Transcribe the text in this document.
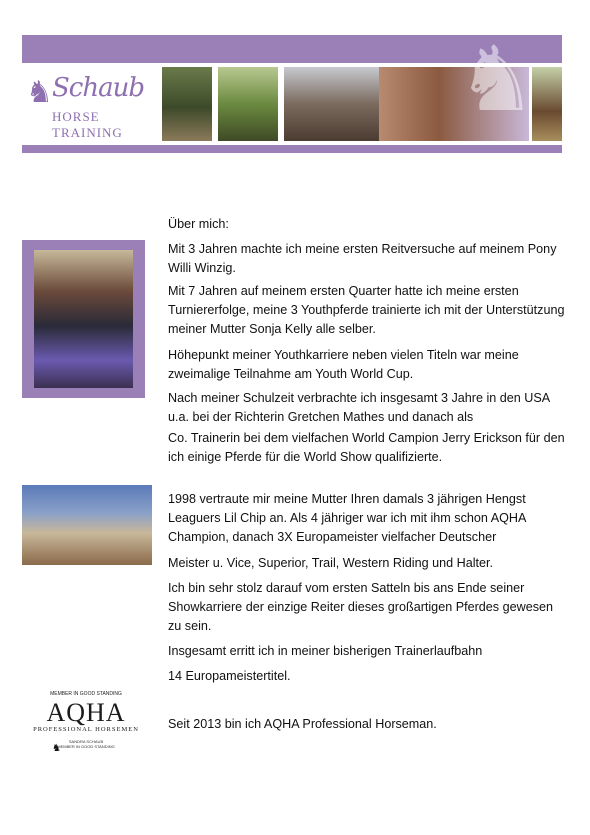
♞ Schaub
HORSE TRAINING
♞
MEMBER IN GOOD STANDING
AQHA
PROFESSIONAL HORSEMEN
SANDRA SCHAUB
MEMBER IN GOOD STANDING
♞
Über mich:
Mit 3 Jahren machte ich meine ersten Reitversuche auf meinem Pony Willi Winzig.
Mit 7 Jahren auf meinem ersten Quarter hatte ich meine ersten Turniererfolge, meine 3 Youthpferde trainierte ich mit der Unterstützung meiner Mutter Sonja Kelly alle selber.
Höhepunkt meiner Youthkarriere neben vielen Titeln war meine zweimalige Teilnahme am Youth World Cup.
Nach meiner Schulzeit verbrachte ich insgesamt 3 Jahre in den USA u.a. bei der Richterin Gretchen Mathes und danach als
Co. Trainerin bei dem vielfachen World Campion Jerry Erickson für den ich einige Pferde für die World Show qualifizierte.
1998 vertraute mir meine Mutter Ihren damals 3 jährigen Hengst Leaguers Lil Chip an. Als 4 jähriger war ich mit ihm schon AQHA Champion, danach 3X Europameister vielfacher Deutscher
Meister u. Vice, Superior, Trail, Western Riding und Halter.
Ich bin sehr stolz darauf vom ersten Satteln bis ans Ende seiner Showkarriere der einzige Reiter dieses großartigen Pferdes gewesen zu sein.
Insgesamt erritt ich in meiner bisherigen Trainerlaufbahn
14 Europameistertitel.
Seit 2013 bin ich AQHA Professional Horseman.
